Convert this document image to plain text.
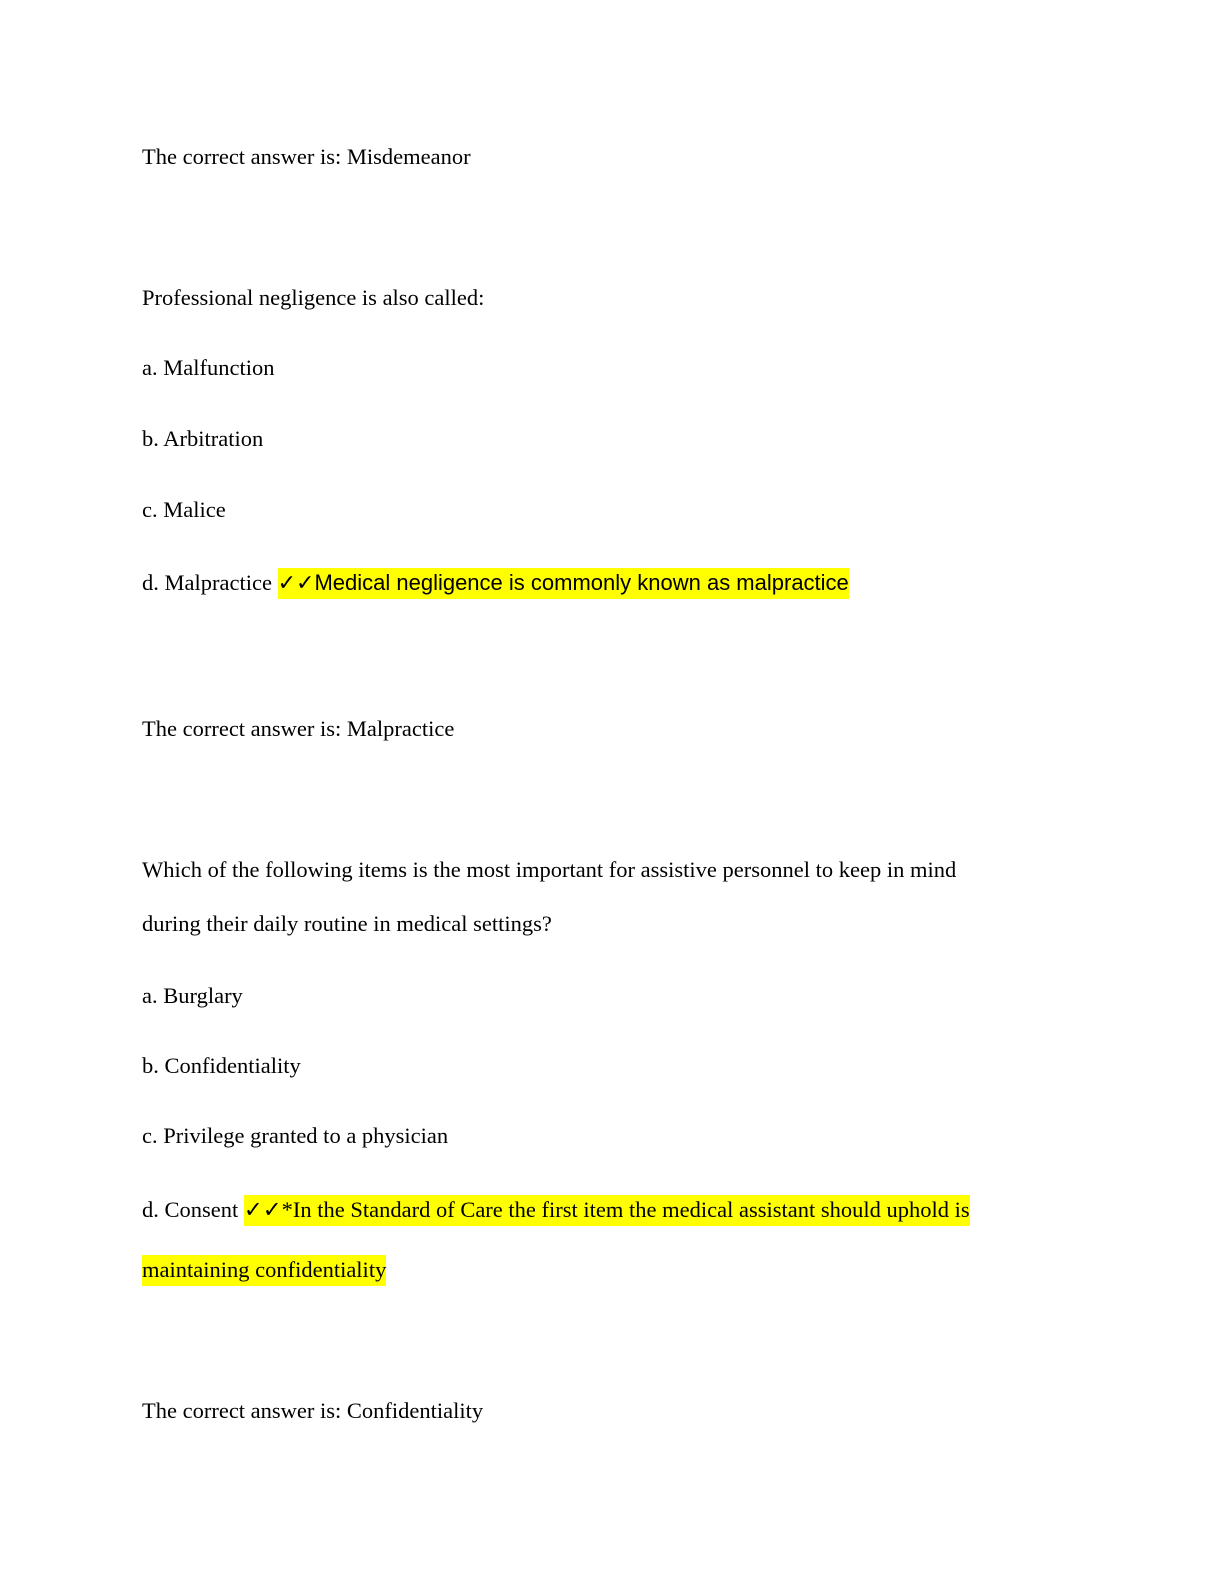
The correct answer is: Misdemeanor
Professional negligence is also called:
a. Malfunction
b. Arbitration
c. Malice
d. Malpractice ✓✓Medical negligence is commonly known as malpractice
The correct answer is: Malpractice
Which of the following items is the most important for assistive personnel to keep in mind
during their daily routine in medical settings?
a. Burglary
b. Confidentiality
c. Privilege granted to a physician
d. Consent ✓✓*In the Standard of Care the first item the medical assistant should uphold is
maintaining confidentiality
The correct answer is: Confidentiality
